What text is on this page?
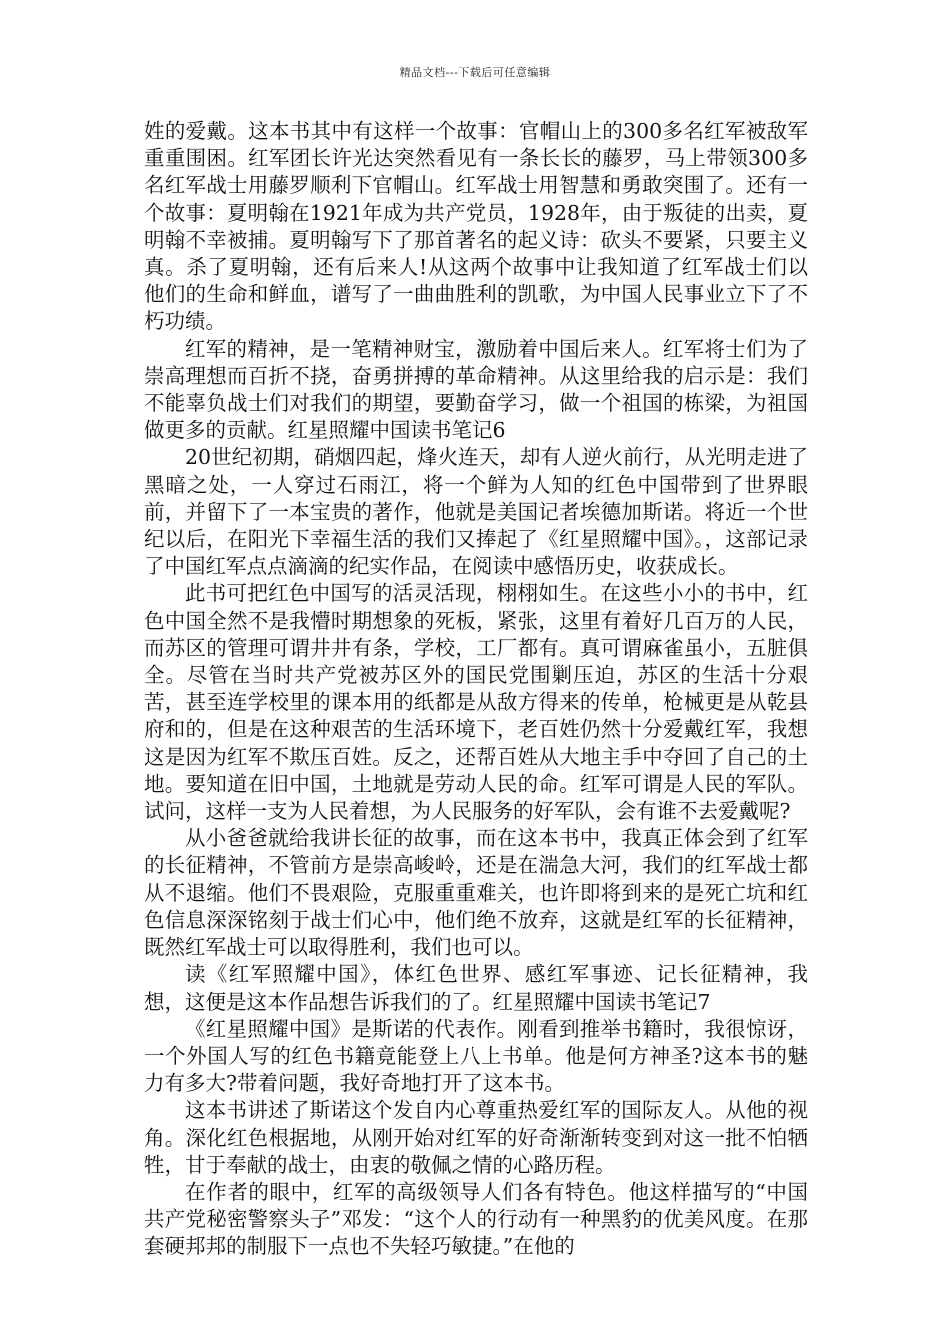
精品文档---下载后可任意编辑

姓的爱戴。这本书其中有这样一个故事：官帽山上的300多名红军被敌军重重围困。红军团长许光达突然看见有一条长长的藤罗，马上带领300多名红军战士用藤罗顺利下官帽山。红军战士用智慧和勇敢突围了。还有一个故事：夏明翰在1921年成为共产党员，1928年，由于叛徒的出卖，夏明翰不幸被捕。夏明翰写下了那首著名的起义诗：砍头不要紧，只要主义真。杀了夏明翰，还有后来人!从这两个故事中让我知道了红军战士们以他们的生命和鲜血，谱写了一曲曲胜利的凯歌，为中国人民事业立下了不朽功绩。

红军的精神，是一笔精神财宝，激励着中国后来人。红军将士们为了崇高理想而百折不挠，奋勇拼搏的革命精神。从这里给我的启示是：我们不能辜负战士们对我们的期望，要勤奋学习，做一个祖国的栋梁，为祖国做更多的贡献。红星照耀中国读书笔记6

20世纪初期，硝烟四起，烽火连天，却有人逆火前行，从光明走进了黑暗之处，一人穿过石雨江，将一个鲜为人知的红色中国带到了世界眼前，并留下了一本宝贵的著作，他就是美国记者埃德加斯诺。将近一个世纪以后，在阳光下幸福生活的我们又捧起了《红星照耀中国》。，这部记录了中国红军点点滴滴的纪实作品，在阅读中感悟历史，收获成长。

此书可把红色中国写的活灵活现，栩栩如生。在这些小小的书中，红色中国全然不是我懵时期想象的死板，紧张，这里有着好几百万的人民，而苏区的管理可谓井井有条，学校，工厂都有。真可谓麻雀虽小，五脏俱全。尽管在当时共产党被苏区外的国民党围剿压迫，苏区的生活十分艰苦，甚至连学校里的课本用的纸都是从敌方得来的传单，枪械更是从乾县府和的，但是在这种艰苦的生活环境下，老百姓仍然十分爱戴红军，我想这是因为红军不欺压百姓。反之，还帮百姓从大地主手中夺回了自己的土地。要知道在旧中国，土地就是劳动人民的命。红军可谓是人民的军队。试问，这样一支为人民着想，为人民服务的好军队，会有谁不去爱戴呢?

从小爸爸就给我讲长征的故事，而在这本书中，我真正体会到了红军的长征精神，不管前方是崇高峻岭，还是在湍急大河，我们的红军战士都从不退缩。他们不畏艰险，克服重重难关，也许即将到来的是死亡坑和红色信息深深铭刻于战士们心中，他们绝不放弃，这就是红军的长征精神，既然红军战士可以取得胜利，我们也可以。

读《红军照耀中国》，体红色世界、感红军事迹、记长征精神，我想，这便是这本作品想告诉我们的了。红星照耀中国读书笔记7

《红星照耀中国》是斯诺的代表作。刚看到推举书籍时，我很惊讶，一个外国人写的红色书籍竟能登上八上书单。他是何方神圣?这本书的魅力有多大?带着问题，我好奇地打开了这本书。

这本书讲述了斯诺这个发自内心尊重热爱红军的国际友人。从他的视角。深化红色根据地，从刚开始对红军的好奇渐渐转变到对这一批不怕牺牲，甘于奉献的战士，由衷的敬佩之情的心路历程。

在作者的眼中，红军的高级领导人们各有特色。他这样描写的“中国共产党秘密警察头子”邓发：“这个人的行动有一种黑豹的优美风度。在那套硬邦邦的制服下一点也不失轻巧敏捷。”在他的
